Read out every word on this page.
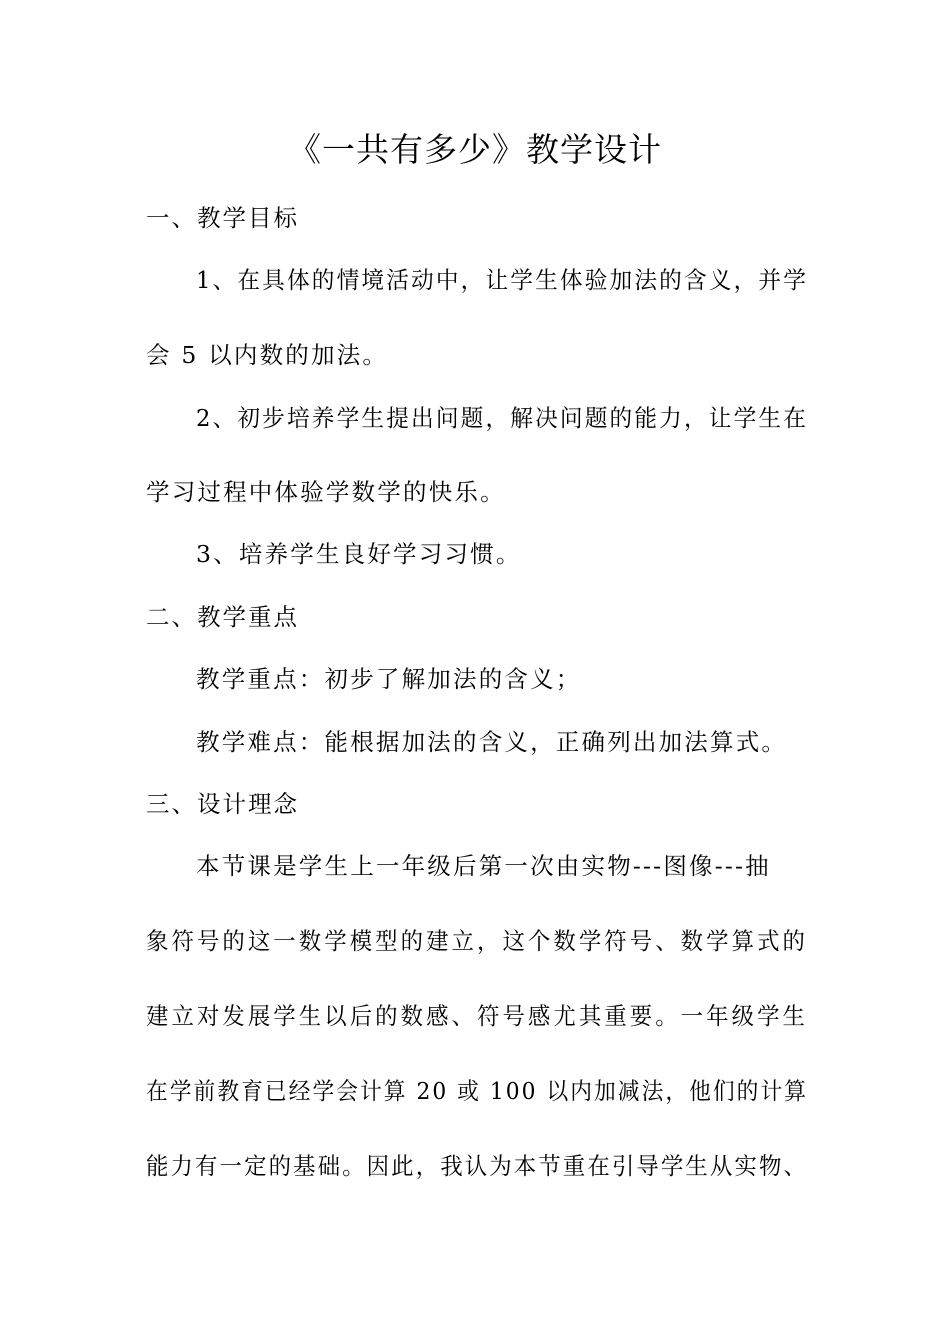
《一共有多少》教学设计

一、教学目标

1、在具体的情境活动中，让学生体验加法的含义，并学

会 5 以内数的加法。

2、初步培养学生提出问题，解决问题的能力，让学生在

学习过程中体验学数学的快乐。

3、培养学生良好学习习惯。

二、教学重点

教学重点：初步了解加法的含义；

教学难点：能根据加法的含义，正确列出加法算式。

三、设计理念

本节课是学生上一年级后第一次由实物---图像---抽

象符号的这一数学模型的建立，这个数学符号、数学算式的

建立对发展学生以后的数感、符号感尤其重要。一年级学生

在学前教育已经学会计算 20 或 100 以内加减法，他们的计算

能力有一定的基础。因此，我认为本节重在引导学生从实物、
